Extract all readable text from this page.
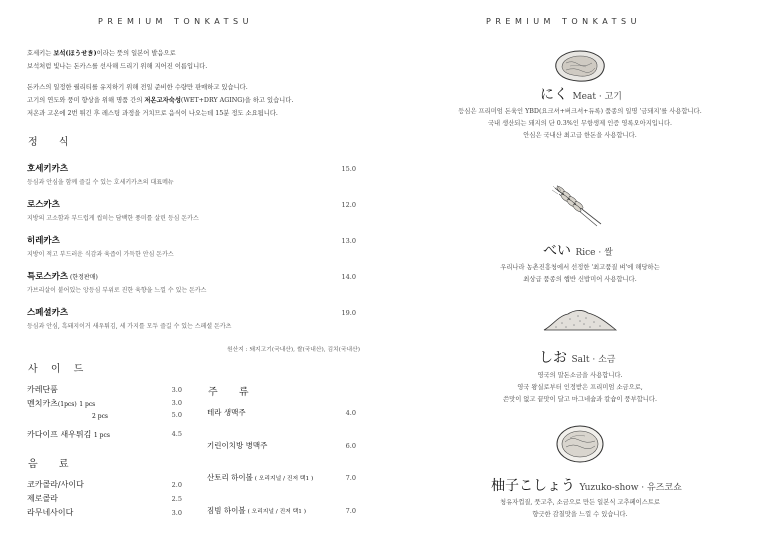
PREMIUM TONKATSU
호세키는 보석(ほうせき)이라는 뜻의 일본어 발음으로
보석처럼 빛나는 돈카스를 선사해 드리기 위해 지어진 이름입니다.
돈카스의 일정한 퀄리티를 유지하기 위해 전일 준비한 수량만 판매하고 있습니다.
고기의 연도와 풍미 향상을 위해 명품 간의 저온고자숙성(WET+DRY AGING)을 하고 있습니다.
저온과 고온에 2번 튀긴 후 레스팅 과정을 거치므로 음식이 나오는데 15분 정도 소요됩니다.
정 식
호세키카츠
등심과 안심을 함께 즐길 수 있는 호세키카츠의 대표메뉴
15.0
로스카츠
지방의 고소함과 부드럽게 씹히는 담백한 풍미를 살린 등심 돈카스
12.0
히레카츠
지방이 적고 부드러운 식감과 육즙이 가득한 안심 돈카스
13.0
특로스카츠 (한정판매)
가브리살이 붙어있는 앙등심 부위로 진한 육향을 느낄 수 있는 돈카스
14.0
스페셜카츠
등심과 안심, 흑돼지이거 새우튀김, 세 가지를 모두 즐길 수 있는 스페셜 돈카츠
19.0
원산지 : 돼지고기(국내산), 쌀(국내산), 김치(국내산)
사 이 드
카레단품	3.0
멘치카츠(1pcs) 1 pcs	3.0
2 pcs	5.0
카다이프 새우튀김 1 pcs	4.5
음 료
코카콜라/사이다	2.0
제로콜라	2.5
라무네사이다	3.0
주 류
테라 생맥주	4.0
기린이치방 병맥주	6.0
산토리 하이볼 ( 오리지널 / 진저 택1 )	7.0
짐빔 하이볼 ( 오리지널 / 진저 택1 )	7.0
PREMIUM TONKATSU
にく Meat · 고기
등심은 프리미엄 돈육인 YBD(요크셔+버크셔+듀록) 품종의 일명 '금돼지'를 사용합니다.
국내 생산되는 돼지의 단 0.3%인 무항생제 인증 영록오아지입니다.
안심은 국내산 최고급 한돈을 사용합니다.
べい Rice · 쌀
우리나라 농촌진흥청에서 선정한 '최고품질 벼'에 해당하는
최상급 품종의 햅반 신밥미어 사용합니다.
しお Salt · 소금
영국의 말돈소금을 사용합니다.
영국 왕실로부터 인정받은 프리미엄 소금으로,
쓴맛이 없고 끝맛이 달고 마그네슘과 칼슘이 풍부합니다.
柚子こしょう Yuzuko-show · 유즈코쇼
청유자껍질, 풋고추, 소금으로 만든 일본식 고추페이스트로
향긋한 감칠맛을 느낄 수 있습니다.
